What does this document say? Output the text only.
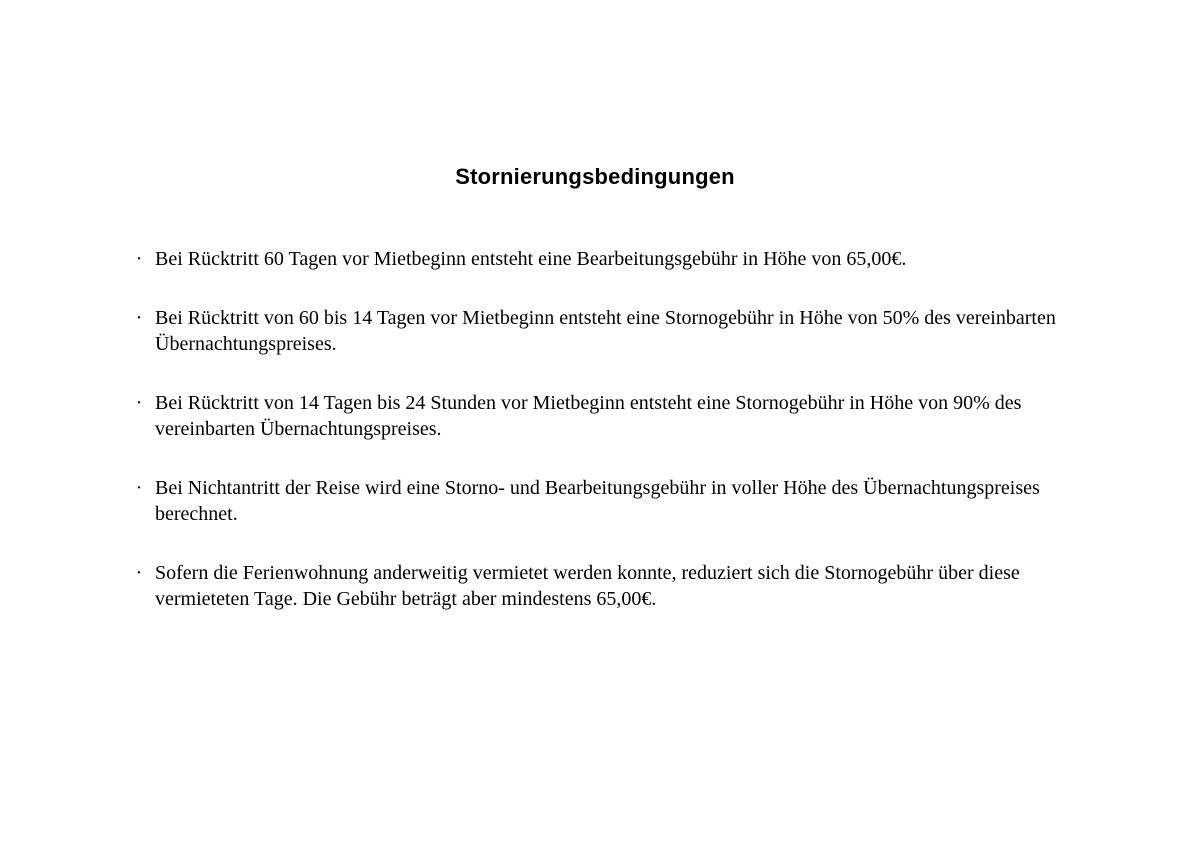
Stornierungsbedingungen
· Bei Rücktritt 60 Tagen vor Mietbeginn entsteht eine Bearbeitungsgebühr in Höhe von 65,00€.
· Bei Rücktritt von 60 bis 14 Tagen vor Mietbeginn entsteht eine Stornogebühr in Höhe von 50% des vereinbarten Übernachtungspreises.
· Bei Rücktritt von 14 Tagen bis 24 Stunden vor Mietbeginn entsteht eine Stornogebühr in Höhe von 90% des vereinbarten Übernachtungspreises.
· Bei Nichtantritt der Reise wird eine Storno- und Bearbeitungsgebühr in voller Höhe des Übernachtungspreises berechnet.
· Sofern die Ferienwohnung anderweitig vermietet werden konnte, reduziert sich die Stornogebühr über diese vermieteten Tage. Die Gebühr beträgt aber mindestens 65,00€.
